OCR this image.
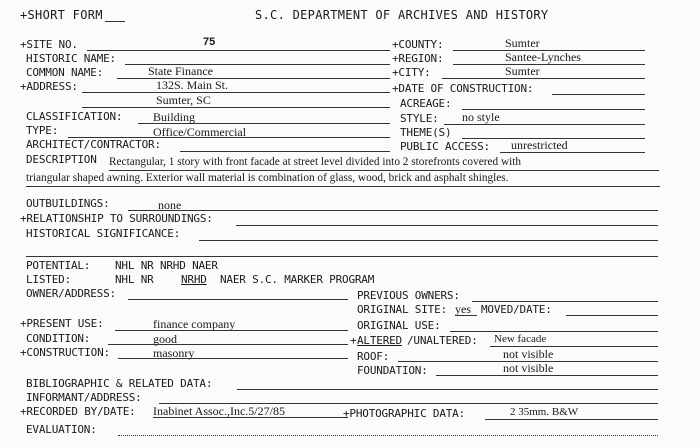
+SHORT FORM	S.C. DEPARTMENT OF ARCHIVES AND HISTORY
+SITE NO.	75	+COUNTY:	Sumter
HISTORIC NAME:	+REGION:	Santee-Lynches
COMMON NAME:	State Finance	+CITY:	Sumter
+ADDRESS:	132S. Main St.	+DATE OF CONSTRUCTION:
Sumter, SC	ACREAGE:
CLASSIFICATION:	Building	STYLE: no style
TYPE:	Office/Commercial	THEME(S)
ARCHITECT/CONTRACTOR:	PUBLIC ACCESS: unrestricted
DESCRIPTION Rectangular, 1 story with front facade at street level divided into 2 storefronts covered with
triangular shaped awning. Exterior wall material is combination of glass, wood, brick and asphalt shingles.
OUTBUILDINGS:	none
+RELATIONSHIP TO SURROUNDINGS:
HISTORICAL SIGNIFICANCE:
POTENTIAL: NHL NR NRHD NAER
LISTED:	NHL NR NRHD NAER S.C. MARKER PROGRAM
OWNER/ADDRESS:	PREVIOUS OWNERS:
ORIGINAL SITE: yes MOVED/DATE:
+PRESENT USE:	finance company	ORIGINAL USE:
CONDITION:	good	+ ALTERED /UNALTERED: New facade
+CONSTRUCTION:	masonry	ROOF:	not visible
FOUNDATION:	not visible
BIBLIOGRAPHIC & RELATED DATA:
INFORMANT/ADDRESS:
+RECORDED BY/DATE: Inabinet Assoc.,Inc.5/27/85	+PHOTOGRAPHIC DATA:	2 35mm. B&W
EVALUATION:
